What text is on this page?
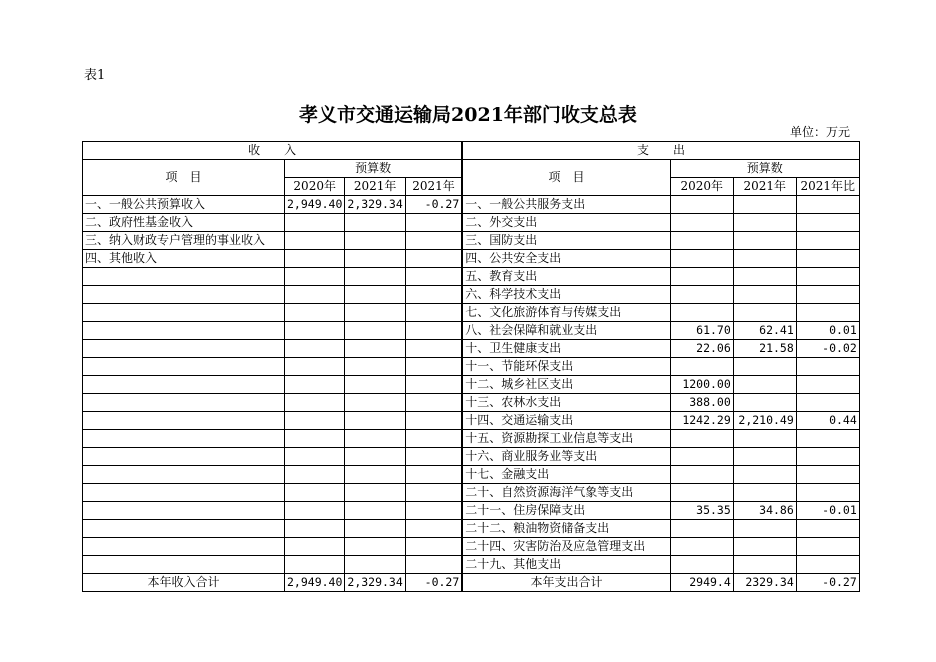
表1
孝义市交通运输局2021年部门收支总表
单位：万元
收　　入				支　　出			
项　目	预算数			项　目	预算数		
	2020年	2021年	2021年		2020年	2021年	2021年比
一、一般公共预算收入	2,949.40	2,329.34	-0.27	一、一般公共服务支出			
二、政府性基金收入				二、外交支出			
三、纳入财政专户管理的事业收入				三、国防支出			
四、其他收入				四、公共安全支出			
				五、教育支出			
				六、科学技术支出			
				七、文化旅游体育与传媒支出			
				八、社会保障和就业支出	61.70	62.41	0.01
				十、卫生健康支出	22.06	21.58	-0.02
				十一、节能环保支出			
				十二、城乡社区支出	1200.00		
				十三、农林水支出	388.00		
				十四、交通运输支出	1242.29	2,210.49	0.44
				十五、资源勘探工业信息等支出			
				十六、商业服务业等支出			
				十七、金融支出			
				二十、自然资源海洋气象等支出			
				二十一、住房保障支出	35.35	34.86	-0.01
				二十二、粮油物资储备支出			
				二十四、灾害防治及应急管理支出			
				二十九、其他支出			
本年收入合计	2,949.40	2,329.34	-0.27	本年支出合计	2949.4	2329.34	-0.27
